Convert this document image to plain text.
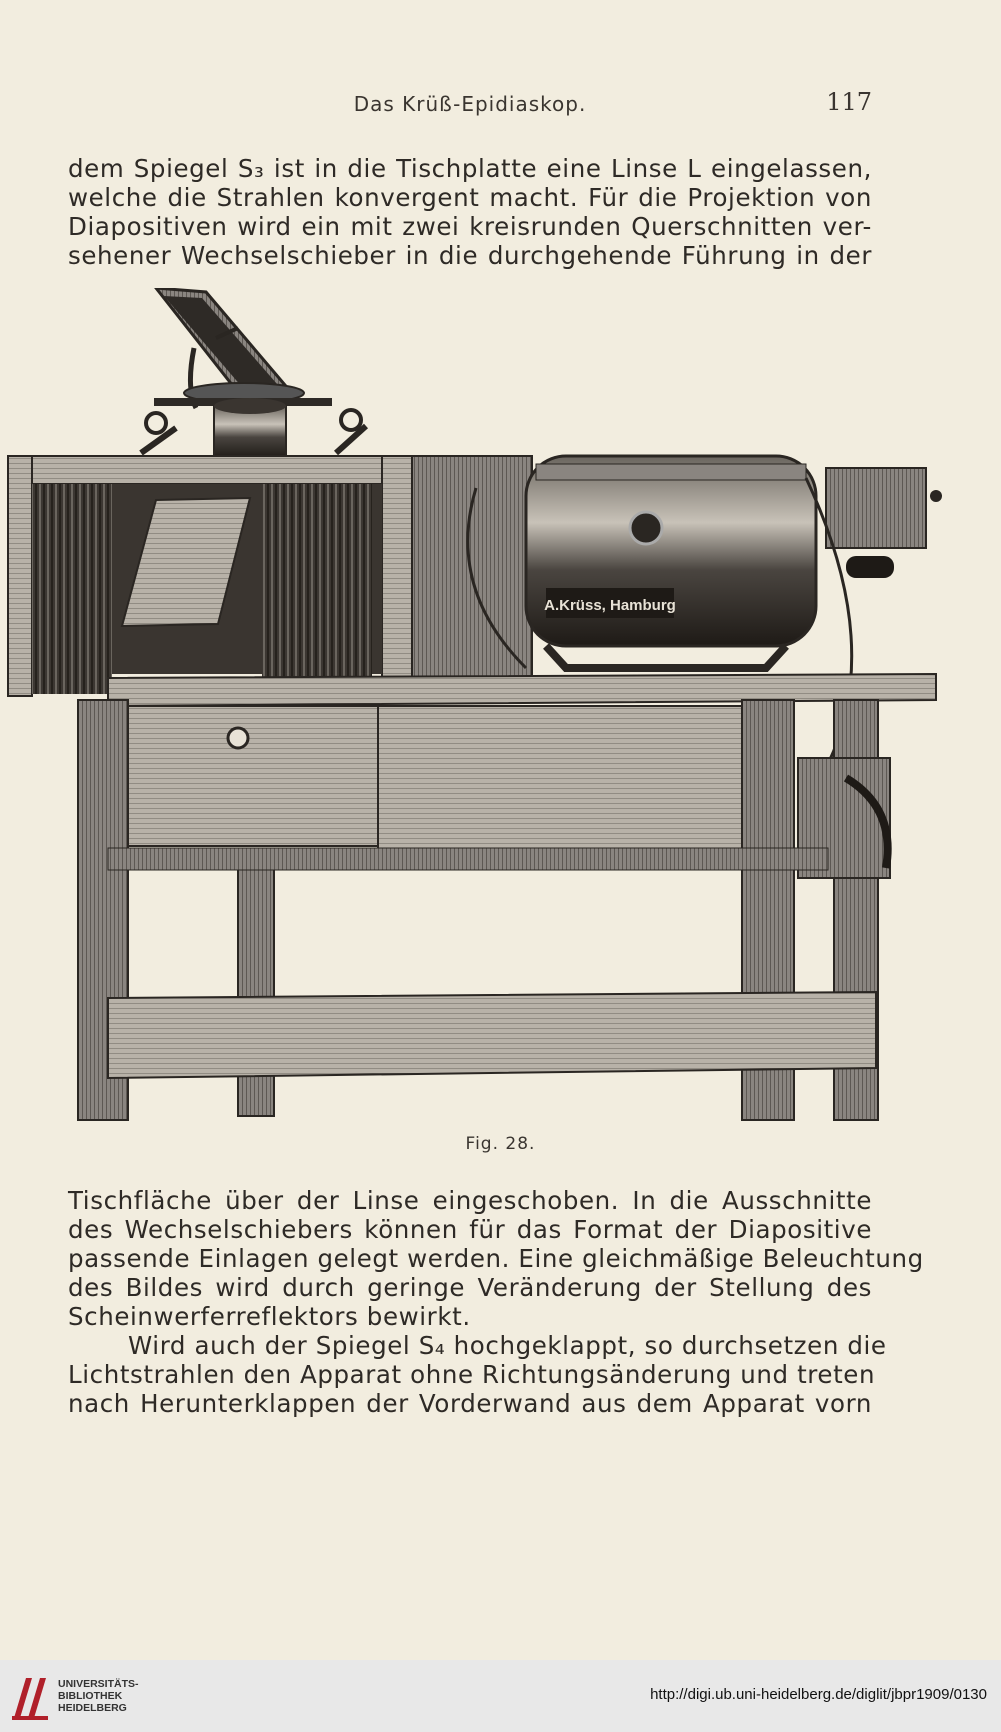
Das Krüß-Epidiaskop.	117
dem Spiegel S₃ ist in die Tischplatte eine Linse L eingelassen,
welche die Strahlen konvergent macht. Für die Projektion von
Diapositiven wird ein mit zwei kreisrunden Querschnitten ver-
sehener Wechselschieber in die durchgehende Führung in der
A.Krüss, Hamburg
Fig. 28.
Tischfläche über der Linse eingeschoben. In die Ausschnitte
des Wechselschiebers können für das Format der Diapositive
passende Einlagen gelegt werden. Eine gleichmäßige Beleuchtung
des Bildes wird durch geringe Veränderung der Stellung des
Scheinwerferreflektors bewirkt.
Wird auch der Spiegel S₄ hochgeklappt, so durchsetzen die
Lichtstrahlen den Apparat ohne Richtungsänderung und treten
nach Herunterklappen der Vorderwand aus dem Apparat vorn
UNIVERSITÄTS-
BIBLIOTHEK
HEIDELBERG
http://digi.ub.uni-heidelberg.de/diglit/jbpr1909/0130
